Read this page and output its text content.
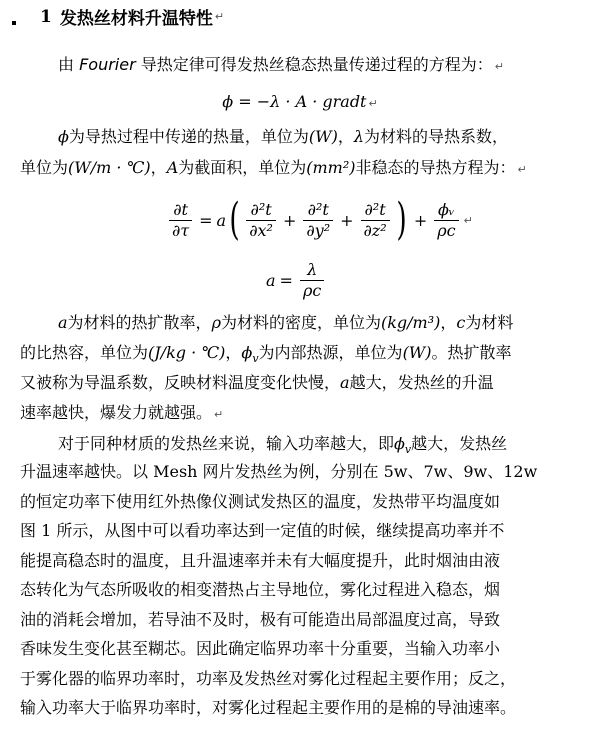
1 发热丝材料升温特性 ↵
由 Fourier 导热定律可得发热丝稳态热量传递过程的方程为： ↵
ϕ = −λ · A · gradt ↵
ϕ为导热过程中传递的热量，单位为(W)，λ为材料的导热系数，
单位为(W/m · ℃)，A为截面积，单位为(mm²)非稳态的导热方程为： ↵
$\frac{\partial t}{\partial\tau} = a$ ( $\frac{\text{∂²t}}{\text{∂x²}} + \frac{\text{∂²t}}{\text{∂y²}} + \frac{\text{∂²t}}{\text{∂z²}}$ ) + $\frac{\text{ϕᵥ}}{\rho c}$ ↵
$a = \frac{\lambda}{\rho c}$
a为材料的热扩散率，ρ为材料的密度，单位为(kg/m³)，c为材料
的比热容，单位为(J/kg · ℃)，$\phi_v$为内部热源，单位为(W)。热扩散率
又被称为导温系数，反映材料温度变化快慢，a越大，发热丝的升温
速率越快，爆发力就越强。 ↵
对于同种材质的发热丝来说，输入功率越大，即$\phi_v$越大，发热丝
升温速率越快。以 Mesh 网片发热丝为例，分别在 5w、7w、9w、12w
的恒定功率下使用红外热像仪测试发热区的温度，发热带平均温度如
图 1 所示，从图中可以看功率达到一定值的时候，继续提高功率并不
能提高稳态时的温度，且升温速率并未有大幅度提升，此时烟油由液
态转化为气态所吸收的相变潜热占主导地位，雾化过程进入稳态，烟
油的消耗会增加，若导油不及时，极有可能造出局部温度过高，导致
香味发生变化甚至糊芯。因此确定临界功率十分重要，当输入功率小
于雾化器的临界功率时，功率及发热丝对雾化过程起主要作用；反之，
输入功率大于临界功率时，对雾化过程起主要作用的是棉的导油速率。
